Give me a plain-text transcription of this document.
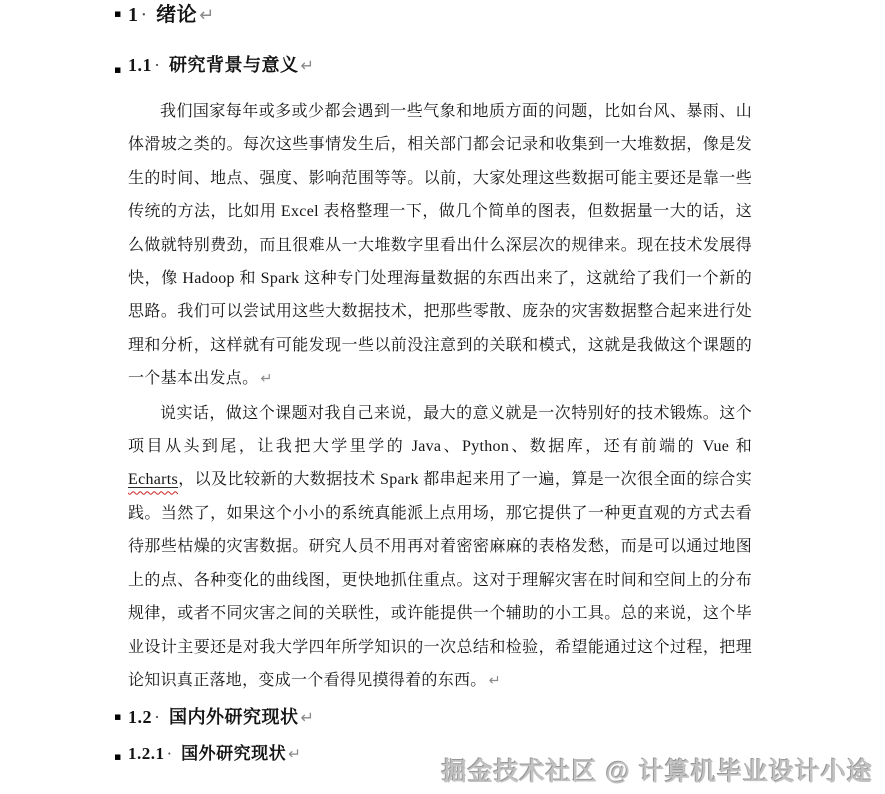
▪ 1 · 绪论 ↵
▪ 1.1 · 研究背景与意义 ↵

我们国家每年或多或少都会遇到一些气象和地质方面的问题，比如台风、暴雨、山体滑坡之类的。每次这些事情发生后，相关部门都会记录和收集到一大堆数据，像是发生的时间、地点、强度、影响范围等等。以前，大家处理这些数据可能主要还是靠一些传统的方法，比如用 Excel 表格整理一下，做几个简单的图表，但数据量一大的话，这么做就特别费劲，而且很难从一大堆数字里看出什么深层次的规律来。现在技术发展得快，像 Hadoop 和 Spark 这种专门处理海量数据的东西出来了，这就给了我们一个新的思路。我们可以尝试用这些大数据技术，把那些零散、庞杂的灾害数据整合起来进行处理和分析，这样就有可能发现一些以前没注意到的关联和模式，这就是我做这个课题的一个基本出发点。 ↵

说实话，做这个课题对我自己来说，最大的意义就是一次特别好的技术锻炼。这个项目从头到尾，让我把大学里学的 Java、Python、数据库，还有前端的 Vue 和 Echarts，以及比较新的大数据技术 Spark 都串起来用了一遍，算是一次很全面的综合实践。当然了，如果这个小小的系统真能派上点用场，那它提供了一种更直观的方式去看待那些枯燥的灾害数据。研究人员不用再对着密密麻麻的表格发愁，而是可以通过地图上的点、各种变化的曲线图，更快地抓住重点。这对于理解灾害在时间和空间上的分布规律，或者不同灾害之间的关联性，或许能提供一个辅助的小工具。总的来说，这个毕业设计主要还是对我大学四年所学知识的一次总结和检验，希望能通过这个过程，把理论知识真正落地，变成一个看得见摸得着的东西。 ↵

▪ 1.2 · 国内外研究现状 ↵
▪ 1.2.1 · 国外研究现状 ↵
掘金技术社区 @ 计算机毕业设计小途
